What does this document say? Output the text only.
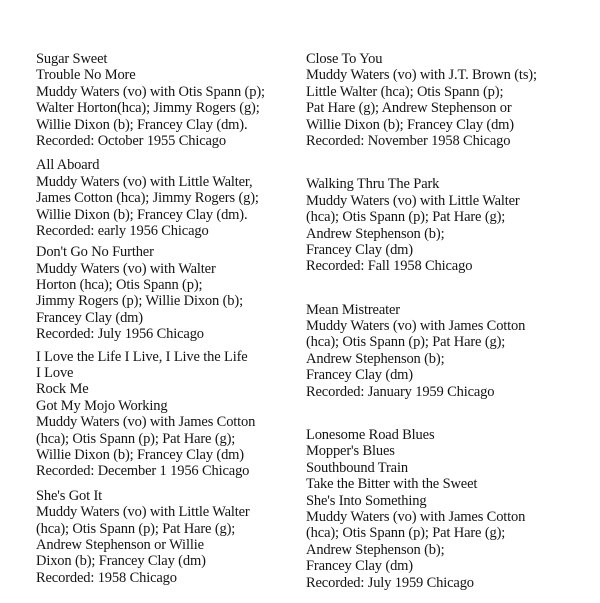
Sugar Sweet
Trouble No More
Muddy Waters (vo) with Otis Spann (p);
Walter Horton(hca); Jimmy Rogers (g);
Willie Dixon (b); Francey Clay (dm).
Recorded: October 1955 Chicago
All Aboard
Muddy Waters (vo) with Little Walter,
James Cotton (hca); Jimmy Rogers (g);
Willie Dixon (b); Francey Clay (dm).
Recorded: early 1956 Chicago
Don't Go No Further
Muddy Waters (vo) with Walter
Horton (hca); Otis Spann (p);
Jimmy Rogers (p); Willie Dixon (b);
Francey Clay (dm)
Recorded: July 1956 Chicago
I Love the Life I Live, I Live the Life
I Love
Rock Me
Got My Mojo Working
Muddy Waters (vo) with James Cotton
(hca); Otis Spann (p); Pat Hare (g);
Willie Dixon (b); Francey Clay (dm)
Recorded: December 1 1956 Chicago
She's Got It
Muddy Waters (vo) with Little Walter
(hca); Otis Spann (p); Pat Hare (g);
Andrew Stephenson or Willie
Dixon (b); Francey Clay (dm)
Recorded: 1958 Chicago
Close To You
Muddy Waters (vo) with J.T. Brown (ts);
Little Walter (hca); Otis Spann (p);
Pat Hare (g); Andrew Stephenson or
Willie Dixon (b); Francey Clay (dm)
Recorded: November 1958 Chicago
Walking Thru The Park
Muddy Waters (vo) with Little Walter
(hca); Otis Spann (p); Pat Hare (g);
Andrew Stephenson (b);
Francey Clay (dm)
Recorded: Fall 1958 Chicago
Mean Mistreater
Muddy Waters (vo) with James Cotton
(hca); Otis Spann (p); Pat Hare (g);
Andrew Stephenson (b);
Francey Clay (dm)
Recorded: January 1959 Chicago
Lonesome Road Blues
Mopper's Blues
Southbound Train
Take the Bitter with the Sweet
She's Into Something
Muddy Waters (vo) with James Cotton
(hca); Otis Spann (p); Pat Hare (g);
Andrew Stephenson (b);
Francey Clay (dm)
Recorded: July 1959 Chicago
